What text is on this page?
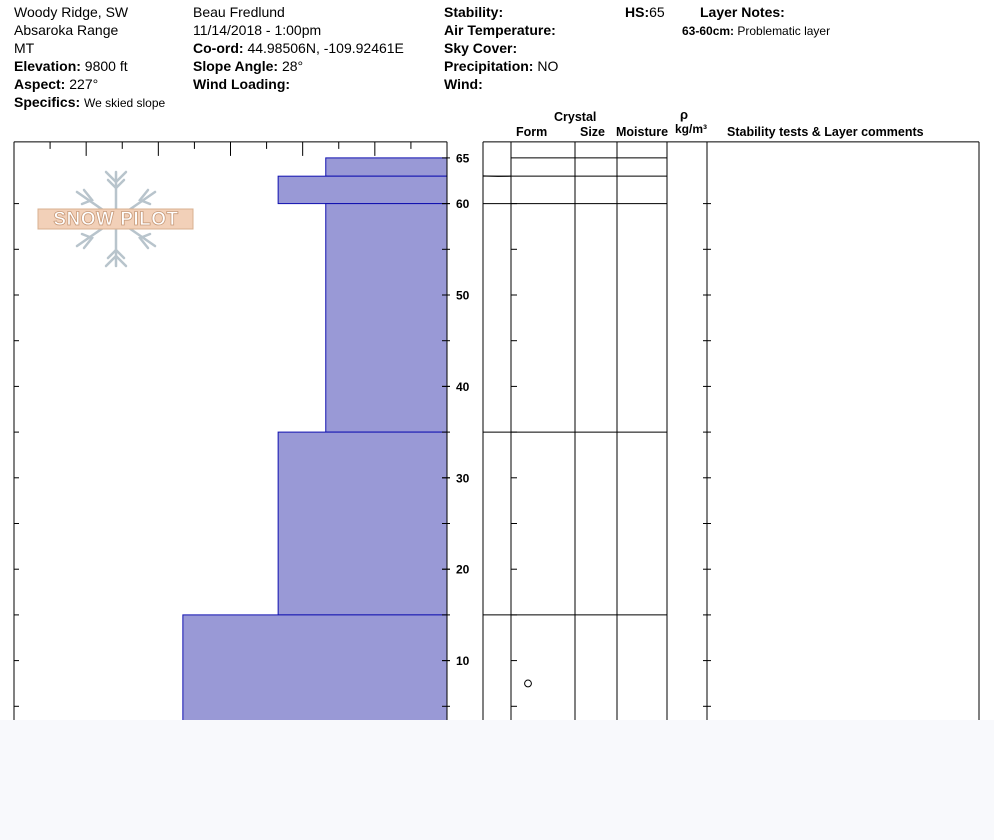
Woody Ridge, SW
Absaroka Range
MT
Elevation: 9800 ft
Aspect: 227°
Specifics: We skied slope
Beau Fredlund
11/14/2018 - 1:00pm
Co-ord: 44.98506N, -109.92461E
Slope Angle: 28°
Wind Loading:
Stability:
Air Temperature:
Sky Cover:
Precipitation: NO
Wind:
HS:65	Layer Notes:
63-60cm: Problematic layer
Crystal
Form	Size Moisture
ρ
kg/m³ Stability tests & Layer comments
SNOW PILOT
65
60
50
40
30
20
10
